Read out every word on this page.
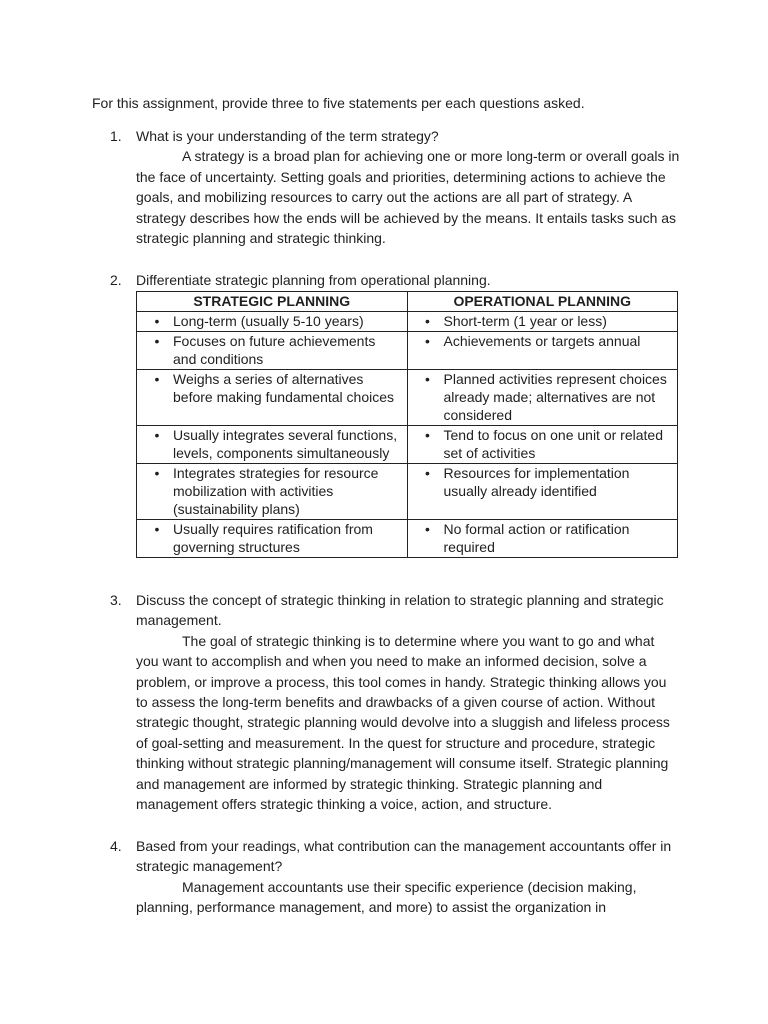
For this assignment, provide three to five statements per each questions asked.

1.	What is your understanding of the term strategy?

A strategy is a broad plan for achieving one or more long-term or overall goals in the face of uncertainty. Setting goals and priorities, determining actions to achieve the goals, and mobilizing resources to carry out the actions are all part of strategy. A strategy describes how the ends will be achieved by the means. It entails tasks such as strategic planning and strategic thinking.

2.	Differentiate strategic planning from operational planning.

STRATEGIC PLANNING	OPERATIONAL PLANNING

• Long-term (usually 5-10 years)	• Short-term (1 year or less)

• Focuses on future achievements and conditions	• Achievements or targets annual

• Weighs a series of alternatives before making fundamental choices	• Planned activities represent choices already made; alternatives are not considered

• Usually integrates several functions, levels, components simultaneously	• Tend to focus on one unit or related set of activities

• Integrates strategies for resource mobilization with activities (sustainability plans)	• Resources for implementation usually already identified

• Usually requires ratification from governing structures	• No formal action or ratification required
3.	Discuss the concept of strategic thinking in relation to strategic planning and strategic management.

The goal of strategic thinking is to determine where you want to go and what you want to accomplish and when you need to make an informed decision, solve a problem, or improve a process, this tool comes in handy. Strategic thinking allows you to assess the long-term benefits and drawbacks of a given course of action. Without strategic thought, strategic planning would devolve into a sluggish and lifeless process of goal-setting and measurement. In the quest for structure and procedure, strategic thinking without strategic planning/management will consume itself. Strategic planning and management are informed by strategic thinking. Strategic planning and management offers strategic thinking a voice, action, and structure.

4.	Based from your readings, what contribution can the management accountants offer in strategic management?

Management accountants use their specific experience (decision making, planning, performance management, and more) to assist the organization in
